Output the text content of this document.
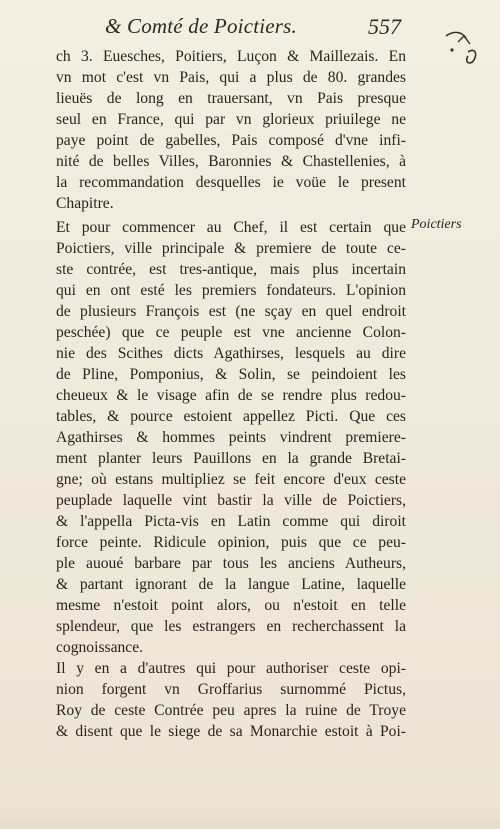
& Comté de Poictiers.	557
ch 3. Euesches, Poitiers, Luçon & Maillezais. En
vn mot c'est vn Pais, qui a plus de 80. grandes
lieuës de long en trauersant, vn Pais presque
seul en France, qui par vn glorieux priuilege ne
paye point de gabelles, Pais composé d'vne infi-
nité de belles Villes, Baronnies & Chastellenies, à
la recommandation desquelles ie voüe le present
Chapitre.
Et pour commencer au Chef, il est certain que
Poictiers, ville principale & premiere de toute ce-
ste contrée, est tres-antique, mais plus incertain
qui en ont esté les premiers fondateurs. L'opinion
de plusieurs François est (ne sçay en quel endroit
peschée) que ce peuple est vne ancienne Colon-
nie des Scithes dicts Agathirses, lesquels au dire
de Pline, Pomponius, & Solin, se peindoient les
cheueux & le visage afin de se rendre plus redou-
tables, & pource estoient appellez Picti. Que ces
Agathirses & hommes peints vindrent premiere-
ment planter leurs Pauillons en la grande Bretai-
gne; où estans multipliez se feit encore d'eux ceste
peuplade laquelle vint bastir la ville de Poictiers,
& l'appella Picta-vis en Latin comme qui diroit
force peinte. Ridicule opinion, puis que ce peu-
ple auoué barbare par tous les anciens Autheurs,
& partant ignorant de la langue Latine, laquelle
mesme n'estoit point alors, ou n'estoit en telle
splendeur, que les estrangers en recherchassent la
cognoissance.
Il y en a d'autres qui pour authoriser ceste opi-
nion forgent vn Groffarius surnommé Pictus,
Roy de ceste Contrée peu apres la ruine de Troye
& disent que le siege de sa Monarchie estoit à Poi-
Poictiers
